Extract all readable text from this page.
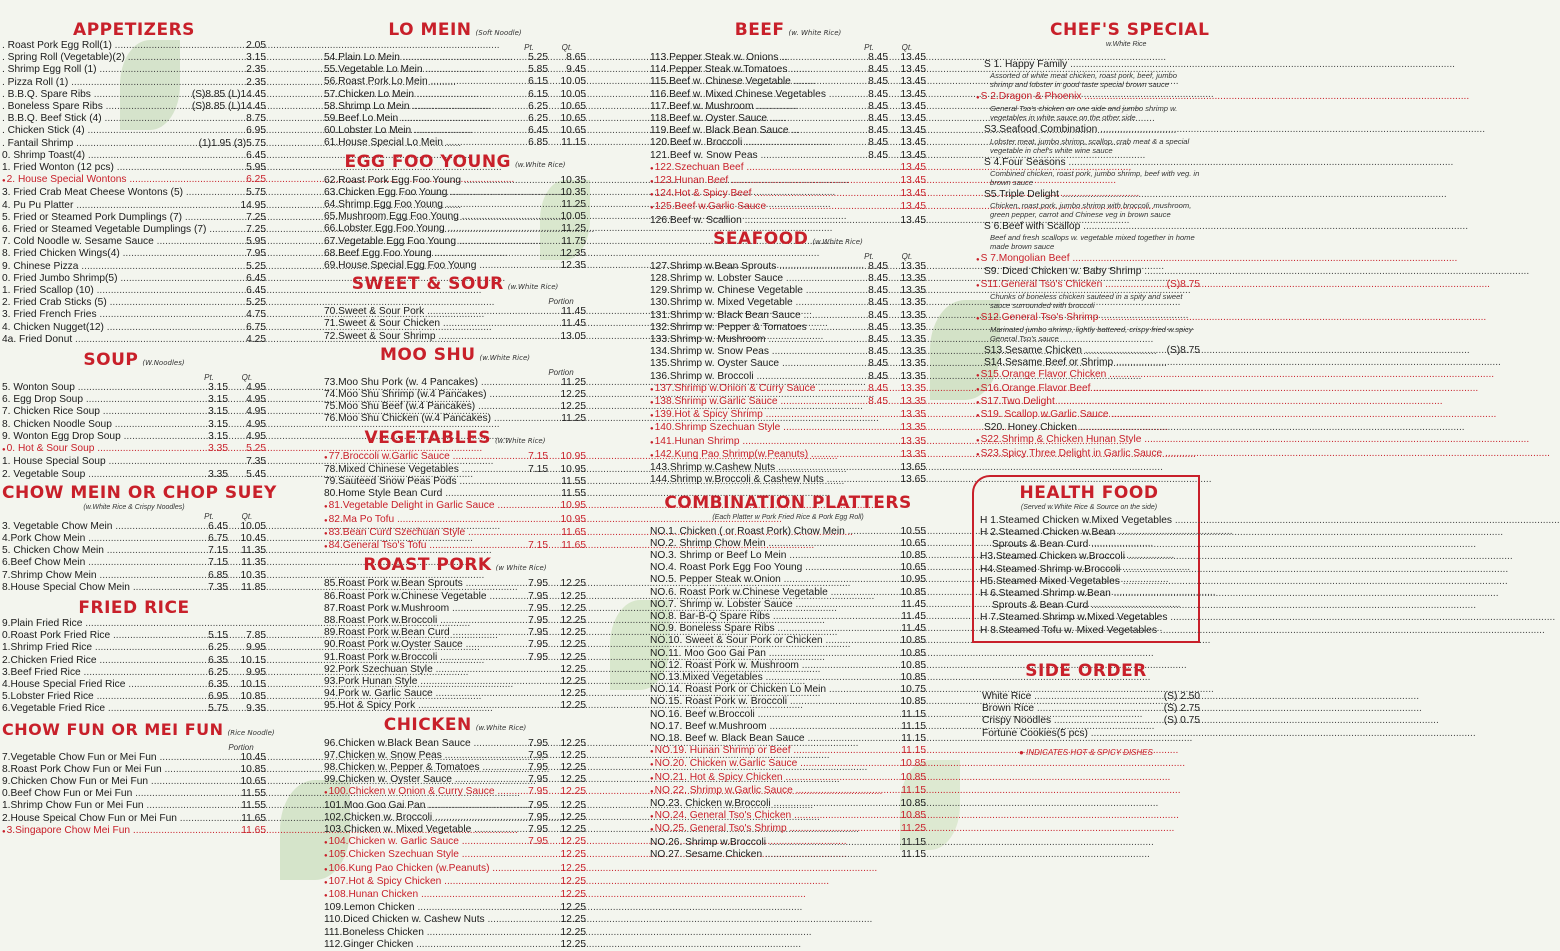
APPETIZERS
. Roast Pork Egg Roll(1) .....	2.05
. Spring Roll (Vegetable)(2) .....	3.15
. Shrimp Egg Roll (1) .....	2.35
. Pizza Roll (1) .....	2.35
. B.B.Q. Spare Ribs .....	(S)8.85 (L)14.45
. Boneless Spare Ribs .....	(S)8.85 (L)14.45
. B.B.Q. Beef Stick (4) .....	8.75
. Chicken Stick (4) .....	6.95
. Fantail Shrimp .....	(1)1.95 (3)5.75
0. Shrimp Toast(4) .....	6.45
1. Fried Wonton (12 pcs) .....	5.95
● 2. House Special Wontons .....	6.25
3. Fried Crab Meat Cheese Wontons (5) .....	5.75
4. Pu Pu Platter .....	14.95
5. Fried or Steamed Pork Dumplings (7) .....	7.25
6. Fried or Steamed Vegetable Dumplings (7) .....	7.25
7. Cold Noodle w. Sesame Sauce .....	5.95
8. Fried Chicken Wings(4) .....	7.95
9. Chinese Pizza .....	5.25
0. Fried Jumbo Shrimp(5) .....	6.45
1. Fried Scallop (10) .....	6.45
2. Fried Crab Sticks (5) .....	5.25
3. Fried French Fries .....	4.75
4. Chicken Nugget(12) .....	6.75
4a. Fried Donut .....	4.25
SOUP (W.Noodles)
Pt.	Qt.
5. Wonton Soup .....	3.15	4.95
6. Egg Drop Soup .....	3.15	4.95
7. Chicken Rice Soup .....	3.15	4.95
8. Chicken Noodle Soup .....	3.15	4.95
9. Wonton Egg Drop Soup .....	3.15	4.95
● 0. Hot & Sour Soup .....	3.35	5.25
1. House Special Soup .....	7.35
2. Vegetable Soup .....	3.35	5.45
CHOW MEIN OR CHOP SUEY
(w.White Rice & Crispy Noodles)
Pt.	Qt.
3. Vegetable Chow Mein .....	6.45	10.05
4.Pork Chow Mein .....	6.75	10.45
5. Chicken Chow Mein .....	7.15	11.35
6.Beef Chow Mein .....	7.15	11.35
7.Shrimp Chow Mein .....	6.85	10.35
8.House Special Chow Mein .....	7.35	11.85
FRIED RICE
9.Plain Fried Rice .....
0.Roast Pork Fried Rice .....	5.15	7.85
1.Shrimp Fried Rice .....	6.25	9.95
2.Chicken Fried Rice .....	6.35	10.15
3.Beef Fried Rice .....	6.25	9.95
4.House Special Fried Rice .....	6.35	10.15
5.Lobster Fried Rice .....	6.95	10.85
6.Vegetable Fried Rice .....	5.75	9.35
CHOW FUN OR MEI FUN (Rice Noodle)
Portion
7.Vegetable Chow Fun or Mei Fun .....	10.45
8.Roast Pork Chow Fun or Mei Fun .....	10.85
9.Chicken Chow Fun or Mei Fun .....	10.65
0.Beef Chow Fun or Mei Fun .....	11.55
1.Shrimp Chow Fun or Mei Fun .....	11.55
2.House Speical Chow Fun or Mei Fun .....	11.65
● 3.Singapore Chow Mei Fun .....	11.65
LO MEIN (Soft Noodle)
Pt.	Qt.
54.Plain Lo Mein .....	5.25	8.65
55.Vegetable Lo Mein .....	5.85	9.45
56.Roast Pork Lo Mein .....	6.15	10.05
57.Chicken Lo Mein .....	6.15	10.05
58.Shrimp Lo Mein .....	6.25	10.65
59.Beef Lo Mein .....	6.25	10.65
60.Lobster Lo Mein .....	6.45	10.65
61.House Special Lo Mein .....	6.85	11.15
EGG FOO YOUNG (w.White Rice)
62.Roast Pork Egg Foo Young .....	10.35
63.Chicken Egg Foo Young .....	10.35
64.Shrimp Egg Foo Young .....	11.25
65.Mushroom Egg Foo Young .....	10.05
66.Lobster Egg Foo Young .....	11.25
67.Vegetable Egg Foo Young .....	11.75
68.Beef Egg Foo Young .....	12.35
69.House Special Egg Foo Young .....	12.35
SWEET & SOUR (w.White Rice)
Portion
70.Sweet & Sour Pork .....	11.45
71.Sweet & Sour Chicken .....	11.45
72.Sweet & Sour Shrimp .....	13.05
MOO SHU (w.White Rice)
Portion
73.Moo Shu Pork (w. 4 Pancakes) .....	11.25
74.Moo Shu Shrimp (w.4 Pancakes) .....	12.25
75.Moo Shu Beef (w.4 Pancakes) .....	12.25
76.Moo Shu Chicken (w.4 Pancakes) .....	11.25
VEGETABLES (w.White Rice)
● 77.Broccoli w.Garlic Sauce .....	7.15	10.95
78.Mixed Chinese Vegetables .....	7.15	10.95
79.Sauteed Snow Peas Pods .....	11.55
80.Home Style Bean Curd .....	11.55
● 81.Vegetable Delight in Garlic Sauce .....	10.95
● 82.Ma Po Tofu .....	10.95
● 83.Bean Curd Szechuan Style .....	11.65
● 84.General Tso's Tofu .....	7.15	11.65
ROAST PORK (w White Rice)
85.Roast Pork w.Bean Sprouts .....	7.95	12.25
86.Roast Pork w.Chinese Vegetable .....	7.95	12.25
87.Roast Pork w.Mushroom .....	7.95	12.25
88.Roast Pork w.Broccoli .....	7.95	12.25
89.Roast Pork w.Bean Curd .....	7.95	12.25
90.Roast Pork w.Oyster Sauce .....	7.95	12.25
91.Roast Pork w.Broccoli .....	7.95	12.25
92.Pork Szechuan Style .....	12.25
93.Pork Hunan Style .....	12.25
94.Pork w. Garlic Sauce .....	12.25
95.Hot & Spicy Pork .....	12.25
CHICKEN (w.White Rice)
96.Chicken w.Black Bean Sauce .....	7.95	12.25
97.Chicken w. Snow Peas .....	7.95	12.25
98.Chicken w. Pepper & Tomatoes .....	7.95	12.25
99.Chicken w. Oyster Sauce .....	7.95	12.25
● 100.Chicken w Onion & Curry Sauce .....	7.95	12.25
101.Moo Goo Gai Pan .....	7.95	12.25
102.Chicken w. Broccoli .....	7.95	12.25
103.Chicken w. Mixed Vegetable .....	7.95	12.25
● 104.Chicken w. Garlic Sauce .....	7.95	12.25
● 105.Chicken Szechuan Style .....	12.25
● 106.Kung Pao Chicken (w.Peanuts) .....	12.25
● 107.Hot & Spicy Chicken .....	12.25
● 108.Hunan Chicken .....	12.25
109.Lemon Chicken .....	12.25
110.Diced Chicken w. Cashew Nuts .....	12.25
111.Boneless Chicken .....	12.25
112.Ginger Chicken .....	12.25
BEEF (w. White Rice)
Pt.	Qt.
113.Pepper Steak w. Onions .....	8.45	13.45
114.Pepper Steak w.Tomatoes .....	8.45	13.45
115.Beef w. Chinese Vegetable .....	8.45	13.45
116.Beef w. Mixed Chinese Vegetables .....	8.45	13.45
117.Beef w. Mushroom .....	8.45	13.45
118.Beef w. Oyster Sauce .....	8.45	13.45
119.Beef w. Black Bean Sauce .....	8.45	13.45
120.Beef w. Broccoli .....	8.45	13.45
121.Beef w. Snow Peas .....	8.45	13.45
● 122.Szechuan Beef .....	13.45
● 123.Hunan Beef .....	13.45
● 124.Hot & Spicy Beef .....	13.45
● 125.Beef w.Garlic Sauce .....	13.45
126.Beef w. Scallion .....	13.45
SEAFOOD (w.White Rice)
Pt.	Qt.
127.Shrimp w.Bean Sprouts .....	8.45	13.35
128.Shrimp w. Lobster Sauce .....	8.45	13.35
129.Shrimp w. Chinese Vegetable .....	8.45	13.35
130.Shrimp w. Mixed Vegetable .....	8.45	13.35
131.Shrimp w. Black Bean Sauce .....	8.45	13.35
132.Shrimp w. Pepper & Tomatoes .....	8.45	13.35
133.Shrimp w. Mushroom .....	8.45	13.35
134.Shrimp w. Snow Peas .....	8.45	13.35
135.Shrimp w. Oyster Sauce .....	8.45	13.35
136.Shrimp w. Broccoli .....	8.45	13.35
● 137.Shrimp w.Onion & Curry Sauce .....	8.45	13.35
● 138.Shrimp w.Garlic Sauce .....	8.45	13.35
● 139.Hot & Spicy Shrimp .....	13.35
● 140.Shrimp Szechuan Style .....	13.35
● 141.Hunan Shrimp .....	13.35
● 142.Kung Pao Shrimp(w.Peanuts) .....	13.35
143.Shrimp w.Cashew Nuts .....	13.65
144.Shrimp w.Broccoli & Cashew Nuts .....	13.65
COMBINATION PLATTERS
(Each Platter w Pork Fried Rice & Pork Egg Roll)
NO.1. Chicken ( or Roast Pork) Chow Mein .....	10.55
NO.2. Shrimp Chow Mein .....	10.65
NO.3. Shrimp or Beef Lo Mein .....	10.85
NO.4. Roast Pork Egg Foo Young .....	10.65
NO.5. Pepper Steak w.Onion .....	10.95
NO.6. Roast Pork w.Chinese Vegetable .....	10.85
NO.7. Shrimp w. Lobster Sauce .....	11.45
NO.8. Bar-B-Q Spare Ribs .....	11.45
NO.9. Boneless Spare Ribs .....	11.45
NO.10. Sweet & Sour Pork or Chicken .....	10.85
NO.11. Moo Goo Gai Pan .....	10.85
NO.12. Roast Pork w. Mushroom .....	10.85
NO.13.Mixed Vegetables .....	10.85
NO.14. Roast Pork or Chicken Lo Mein .....	10.75
NO.15. Roast Pork w. Broccoli .....	10.85
NO.16. Beef w.Broccoli .....	11.15
NO.17. Beef w.Mushroom .....	11.15
NO.18. Beef w. Black Bean Sauce .....	11.15
● NO.19. Hunan Shrimp or Beef .....	11.15
● NO.20. Chicken w.Garlic Sauce .....	10.85
● NO.21. Hot & Spicy Chicken .....	10.85
● NO 22. Shrimp w.Garlic Sauce .....	11.15
NO.23. Chicken w.Broccoli .....	10.85
● NO.24. General Tso's Chicken .....	10.85
● NO.25. General Tso's Shrimp .....	11.25
NO.26. Shrimp w.Broccoli .....	11.15
NO.27. Sesame Chicken .....	11.15
CHEF'S SPECIAL
w.White Rice
S 1. Happy Family .....
Assorted of white meat chicken, roast pork, beef, jumbo shrimp and lobster in good taste special brown sauce
● S 2.Dragon & Phoenix .....
General Tso's chicken on one side and jumbo shrimp w. vegetables in white sauce on the other side
S3.Seafood Combination .....
Lobster meat, jumbo shrimp, scallop, crab meat & a special vegetable in chef's white wine sauce
S 4.Four Seasons .....
Combined chicken, roast pork, jumbo shrimp, beef with veg. in brown sauce
S5.Triple Delight .....
Chicken, roast pork, jumbo shrimp with broccoli, mushroom, green pepper, carrot and Chinese veg in brown sauce
S 6.Beef with Scallop .....
Beef and fresh scallops w. vegetable mixed together in home made brown sauce
● S 7.Mongolian Beef .....
S9. Diced Chicken w. Baby Shrimp .....
● S11.General Tso's Chicken .....	(S)8.75
Chunks of boneless chicken sauteed in a spity and sweet sauce surrounded with broccoli
● S12.General Tso's Shrimp .....
Marinated jumbo shrimp, lightly battered, crispy fried w.spicy General Tso's sauce
S13.Sesame Chicken .....	(S)8.75
S14.Sesame Beef or Shrimp .....
● S15.Orange Flavor Chicken .....
● S16.Orange Flavor Beef .....
● S17.Two Delight .....
● S19. Scallop w.Garlic Sauce .....
S20. Honey Chicken .....
● S22.Shrimp & Chicken Hunan Style .....
● S23.Spicy Three Delight in Garlic Sauce .....
HEALTH FOOD
(Served w.White Rice & Source on the side)
H 1.Steamed Chicken w.Mixed Vegetables .....
H 2.Steamed Chicken w.Bean .....
Sprouts & Bean Curd .....
H3.Steamed Chicken w.Broccoli .....
H4.Steamed Shrimp w.Broccoli .....
H5.Steamed Mixed Vegetables .....
H 6.Steamed Shrimp w.Bean .....
Sprouts & Bean Curd .....
H 7.Steamed Shrimp w.Mixed Vegetables .....
H 8.Steamed Tofu w. Mixed Vegetables .....
SIDE ORDER
White Rice .....	(S) 2.50
Brown Rice .....	(S) 2.75
Crispy Noodles .....	(S) 0.75
Fortune Cookies(5 pcs) .....
● INDICATES HOT & SPICY DISHES
